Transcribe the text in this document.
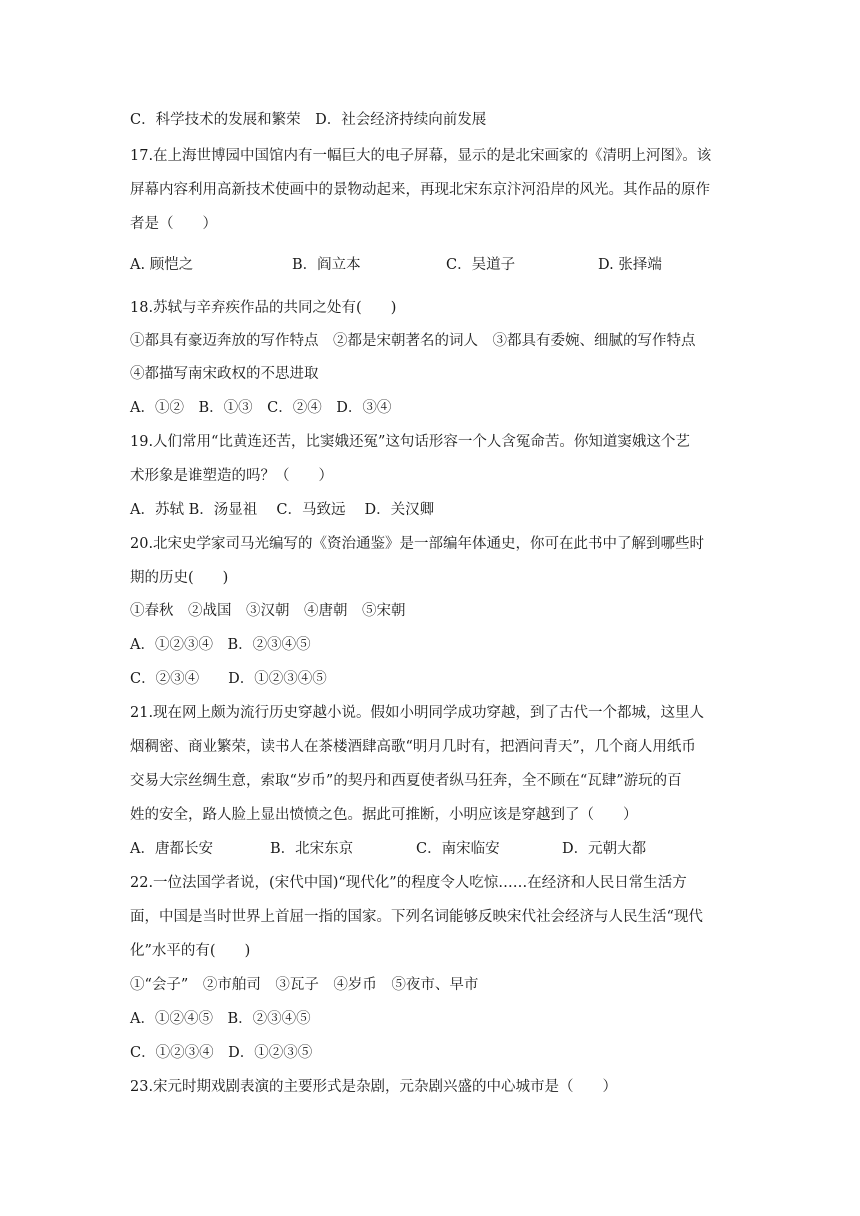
C．科学技术的发展和繁荣　D．社会经济持续向前发展
17.在上海世博园中国馆内有一幅巨大的电子屏幕，显示的是北宋画家的《清明上河图》。该
屏幕内容利用高新技术使画中的景物动起来，再现北宋东京汴河沿岸的风光。其作品的原作
者是（　　）
A. 顾恺之	B．阎立本	C．吴道子	D. 张择端
18.苏轼与辛弃疾作品的共同之处有(　　)
①都具有豪迈奔放的写作特点　②都是宋朝著名的词人　③都具有委婉、细腻的写作特点
④都描写南宋政权的不思进取
A．①②　B．①③　C．②④　D．③④
19.人们常用“比黄连还苦，比窦娥还冤”这句话形容一个人含冤命苦。你知道窦娥这个艺
术形象是谁塑造的吗？（　　）
A．苏轼 B．汤显祖　 C．马致远　 D．关汉卿
20.北宋史学家司马光编写的《资治通鉴》是一部编年体通史，你可在此书中了解到哪些时
期的历史(　　)
①春秋　②战国　③汉朝　④唐朝　⑤宋朝
A．①②③④　B．②③④⑤
C．②③④　　D．①②③④⑤
21.现在网上颇为流行历史穿越小说。假如小明同学成功穿越，到了古代一个都城，这里人
烟稠密、商业繁荣，读书人在茶楼酒肆高歌“明月几时有，把酒问青天”，几个商人用纸币
交易大宗丝绸生意，索取“岁币”的契丹和西夏使者纵马狂奔，全不顾在“瓦肆”游玩的百
姓的安全，路人脸上显出愤愤之色。据此可推断，小明应该是穿越到了（　　）
A．唐都长安	B．北宋东京	C．南宋临安	D．元朝大都
22.一位法国学者说，(宋代中国)“现代化”的程度令人吃惊……在经济和人民日常生活方
面，中国是当时世界上首屈一指的国家。下列名词能够反映宋代社会经济与人民生活“现代
化”水平的有(　　)
①“会子”　②市舶司　③瓦子　④岁币　⑤夜市、早市
A．①②④⑤　B．②③④⑤
C．①②③④　D．①②③⑤
23.宋元时期戏剧表演的主要形式是杂剧，元杂剧兴盛的中心城市是（　　）
